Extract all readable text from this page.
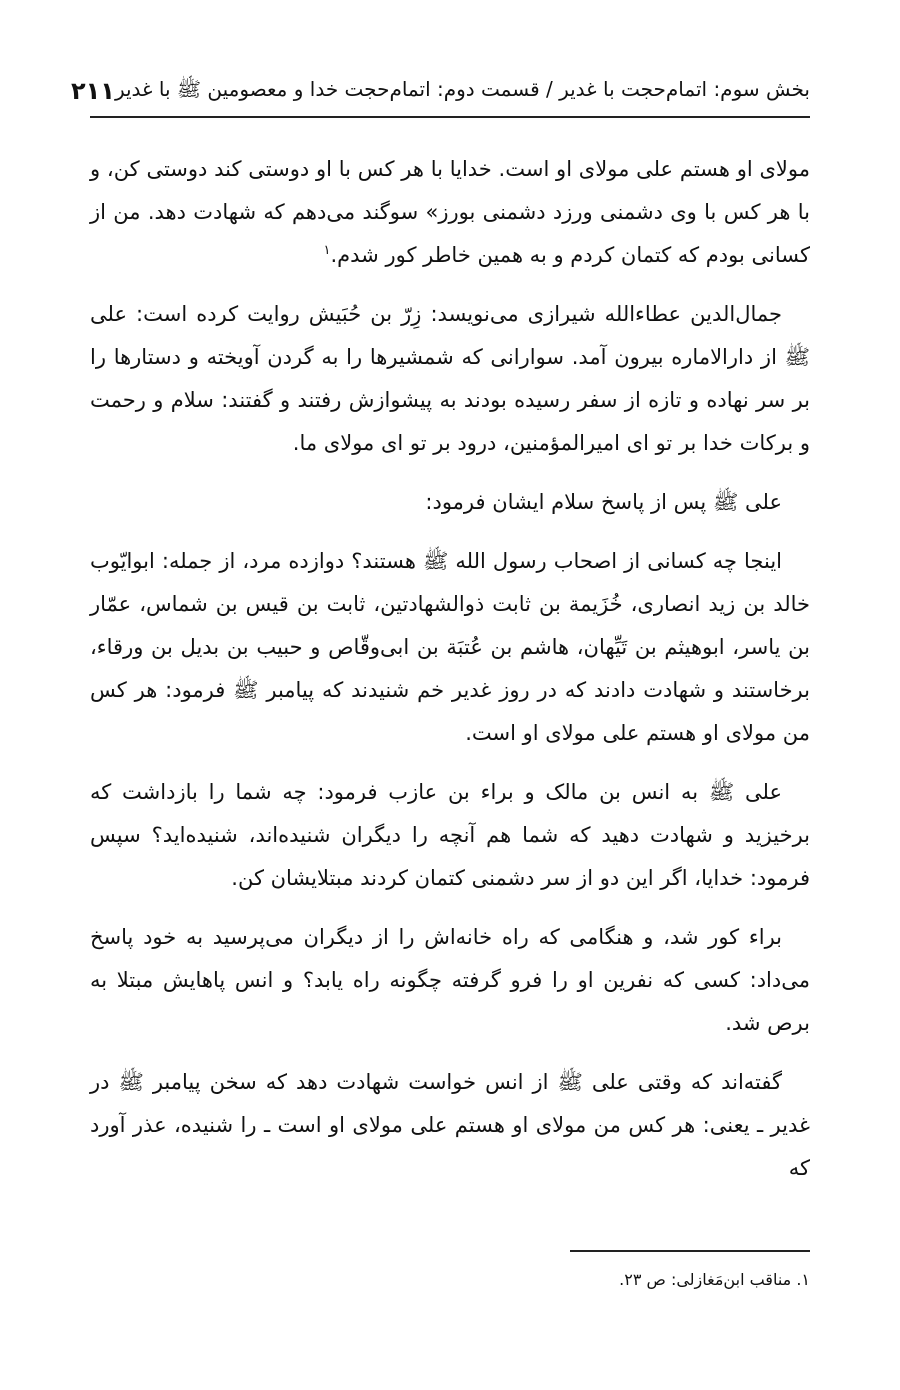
بخش سوم: اتمام‌حجت با غدیر / قسمت دوم: اتمام‌حجت خدا و معصومین ﷺ با غدیر
۲۱۱

مولای او هستم علی مولای او است. خدایا با هر کس با او دوستی کند دوستی کن، و با هر کس با وی دشمنی ورزد دشمنی بورز» سوگند می‌دهم که شهادت دهد. من از کسانی بودم که کتمان کردم و به همین خاطر کور شدم.$^۱$

جمال‌الدین عطاءالله شیرازی می‌نویسد: زِرّ بن حُبَیش روایت کرده است: علی ﷺ از دارالاماره بیرون آمد. سوارانی که شمشیرها را به گردن آویخته و دستارها را بر سر نهاده و تازه از سفر رسیده بودند به پیشوازش رفتند و گفتند: سلام و رحمت و برکات خدا بر تو ای امیرالمؤمنین، درود بر تو ای مولای ما.

علی ﷺ پس از پاسخ سلام ایشان فرمود:

اینجا چه کسانی از اصحاب رسول الله ﷺ هستند؟ دوازده مرد، از جمله: ابوایّوب خالد بن زید انصاری، خُزَیمة بن ثابت ذوالشهادتین، ثابت بن قیس بن شماس، عمّار بن یاسر، ابوهیثم بن تَیِّهان، هاشم بن عُتبَة بن ابی‌وقّاص و حبیب بن بدیل بن ورقاء، برخاستند و شهادت دادند که در روز غدیر خم شنیدند که پیامبر ﷺ فرمود: هر کس من مولای او هستم علی مولای او است.

علی ﷺ به انس بن مالک و براء بن عازب فرمود: چه شما را بازداشت که برخیزید و شهادت دهید که شما هم آنچه را دیگران شنیده‌اند، شنیده‌اید؟ سپس فرمود: خدایا، اگر این دو از سر دشمنی کتمان کردند مبتلایشان کن.

براء کور شد، و هنگامی که راه خانه‌اش را از دیگران می‌پرسید به خود پاسخ می‌داد: کسی که نفرین او را فرو گرفته چگونه راه یابد؟ و انس پاهایش مبتلا به برص شد.

گفته‌اند که وقتی علی ﷺ از انس خواست شهادت دهد که سخن پیامبر ﷺ در غدیر ـ یعنی: هر کس من مولای او هستم علی مولای او است ـ را شنیده، عذر آورد که

۱. مناقب ابن‌مَغازلی: ص ۲۳.
